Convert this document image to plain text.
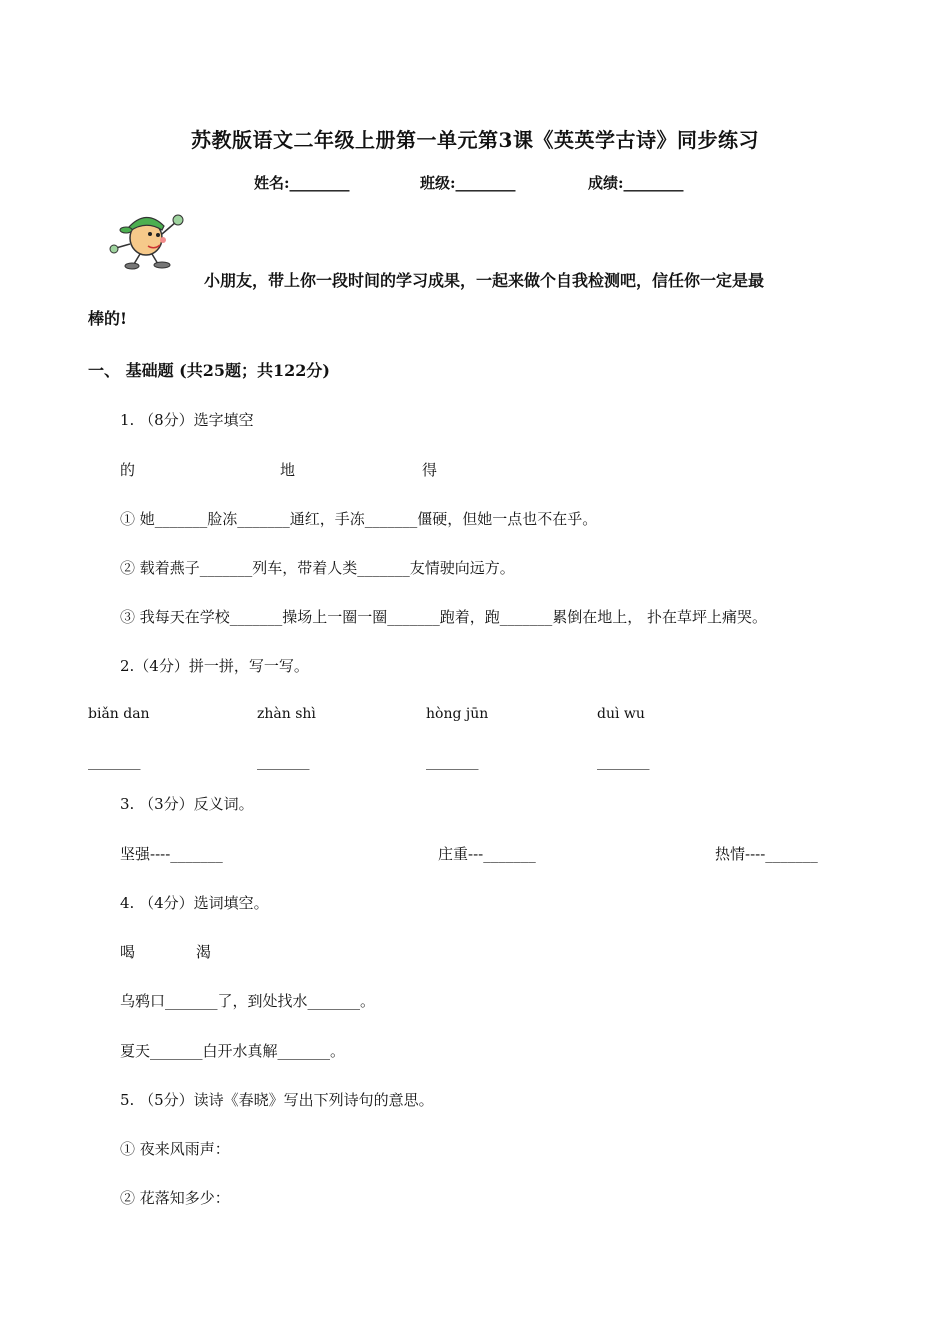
苏教版语文二年级上册第一单元第3课《英英学古诗》同步练习
姓名:________	班级:________	成绩:________
小朋友，带上你一段时间的学习成果，一起来做个自我检测吧，信任你一定是最
棒的!
一、 基础题 (共25题；共122分)
1. （8分）选字填空
的	地	得
① 她_______脸冻_______通红，手冻_______僵硬，但她一点也不在乎。
② 载着燕子_______列车，带着人类_______友情驶向远方。
③ 我每天在学校_______操场上一圈一圈_______跑着，跑_______累倒在地上， 扑在草坪上痛哭。
2.（4分）拼一拼，写一写。
biǎn dan	zhàn shì	hòng jūn	duì wu
_______	_______	_______	_______
3. （3分）反义词。
坚强----_______	庄重---_______	热情----_______
4. （4分）选词填空。
喝	渴
乌鸦口_______了，到处找水_______。
夏天_______白开水真解_______。
5. （5分）读诗《春晓》写出下列诗句的意思。
① 夜来风雨声：
② 花落知多少：
